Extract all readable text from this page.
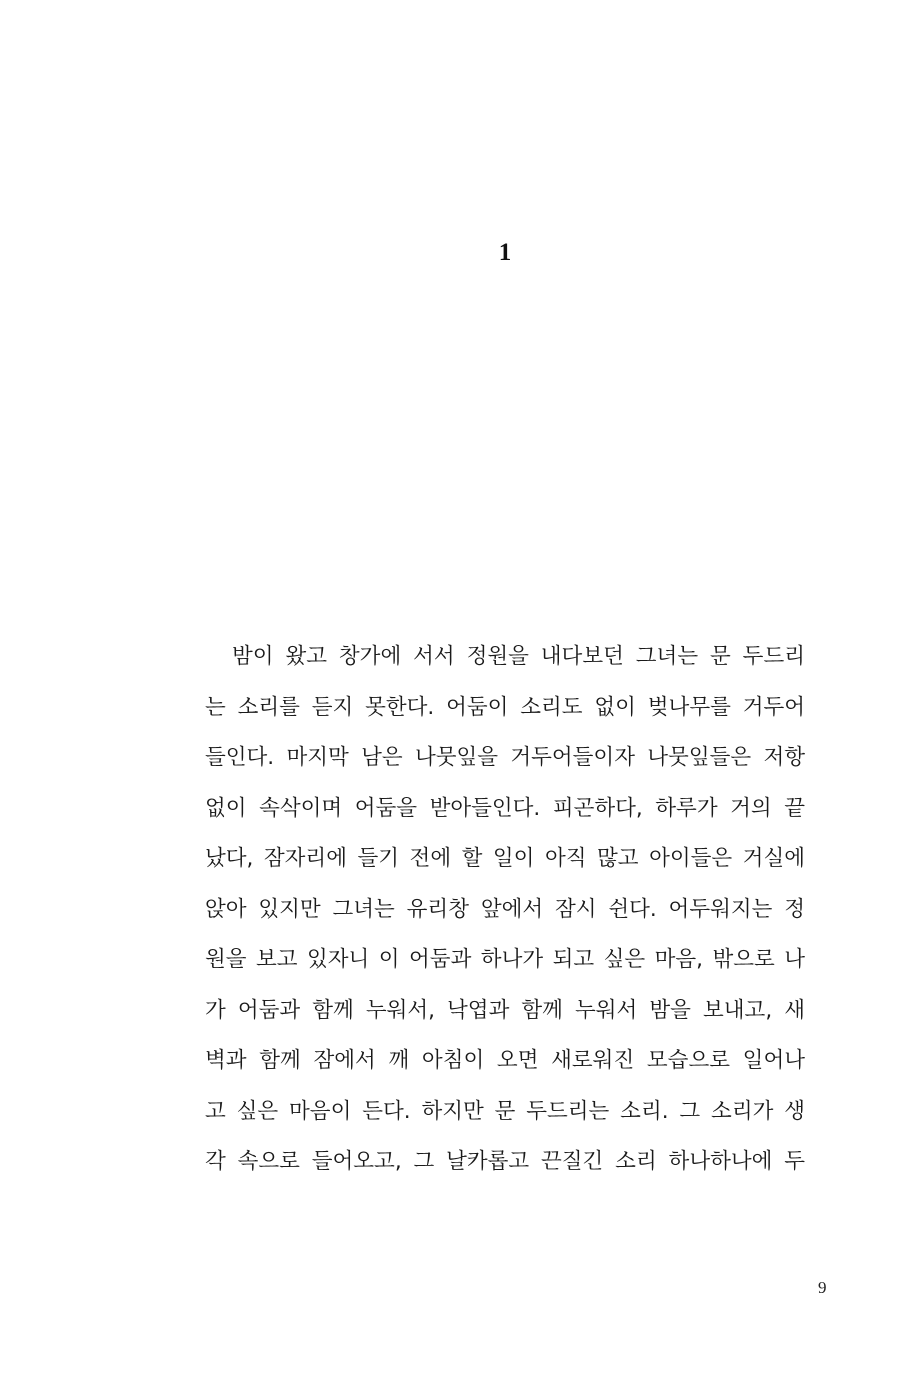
1
밤이 왔고 창가에 서서 정원을 내다보던 그녀는 문 두드리
는 소리를 듣지 못한다. 어둠이 소리도 없이 벚나무를 거두어
들인다. 마지막 남은 나뭇잎을 거두어들이자 나뭇잎들은 저항
없이 속삭이며 어둠을 받아들인다. 피곤하다, 하루가 거의 끝
났다, 잠자리에 들기 전에 할 일이 아직 많고 아이들은 거실에
앉아 있지만 그녀는 유리창 앞에서 잠시 쉰다. 어두워지는 정
원을 보고 있자니 이 어둠과 하나가 되고 싶은 마음, 밖으로 나
가 어둠과 함께 누워서, 낙엽과 함께 누워서 밤을 보내고, 새
벽과 함께 잠에서 깨 아침이 오면 새로워진 모습으로 일어나
고 싶은 마음이 든다. 하지만 문 두드리는 소리. 그 소리가 생
각 속으로 들어오고, 그 날카롭고 끈질긴 소리 하나하나에 두
9
